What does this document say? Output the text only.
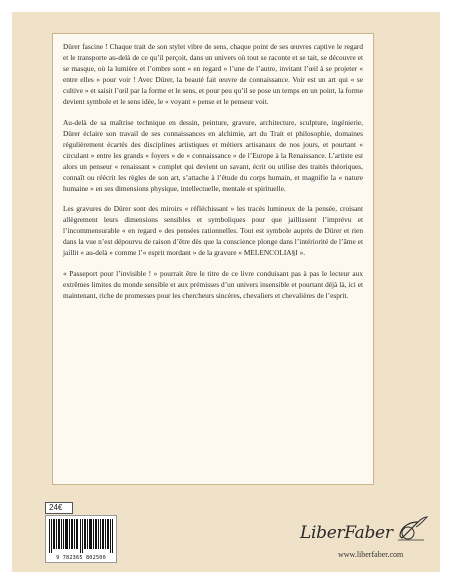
Dürer fascine ! Chaque trait de son stylet vibre de sens, chaque point de ses œuvres captive le regard et le transporte au-delà de ce qu’il perçoit, dans un univers où tout se raconte et se tait, se découvre et se masque, où la lumière et l’ombre sont « en regard » l’une de l’autre, invitant l’œil à se projeter « entre elles » pour voir ! Avec Dürer, la beauté fait œuvre de connaissance. Voir est un art qui « se cultive » et saisit l’œil par la forme et le sens, et pour peu qu’il se pose un temps en un point, la forme devient symbole et le sens idée, le « voyant » pense et le penseur voit.

Au-delà de sa maîtrise technique en dessin, peinture, gravure, architecture, sculpture, ingénierie, Dürer éclaire son travail de ses connaissances en alchimie, art du Trait et philosophie, domaines régulièrement écartés des disciplines artistiques et métiers artisanaux de nos jours, et pourtant « circulant » entre les grands « foyers » de « connaissance » de l’Europe à la Renaissance. L’artiste est alors un penseur « renaissant » complet qui devient un savant, écrit ou utilise des traités théoriques, connaît ou réécrit les règles de son art, s’attache à l’étude du corps humain, et magnifie la « nature humaine » en ses dimensions physique, intellectuelle, mentale et spirituelle.

Les gravures de Dürer sont des miroirs « réfléchissant » les tracés lumineux de la pensée, croisant allègrement leurs dimensions sensibles et symboliques pour que jaillissent l’imprévu et l’incommensurable « en regard » des pensées rationnelles. Tout est symbole auprès de Dürer et rien dans la vue n’est dépourvu de raison d’être dès que la conscience plonge dans l’intériorité de l’âme et jaillit « au-delà » comme l’« esprit mordant » de la gravure « MELENCOLIA§I ».

« Passeport pour l’invisible ! » pourrait être le titre de ce livre conduisant pas à pas le lecteur aux extrêmes limites du monde sensible et aux prémisses d’un univers insensible et pourtant déjà là, ici et maintenant, riche de promesses pour les chercheurs sincères, chevaliers et chevalières de l’esprit.

24€
9 782365 802500
LiberFaber
www.liberfaber.com
